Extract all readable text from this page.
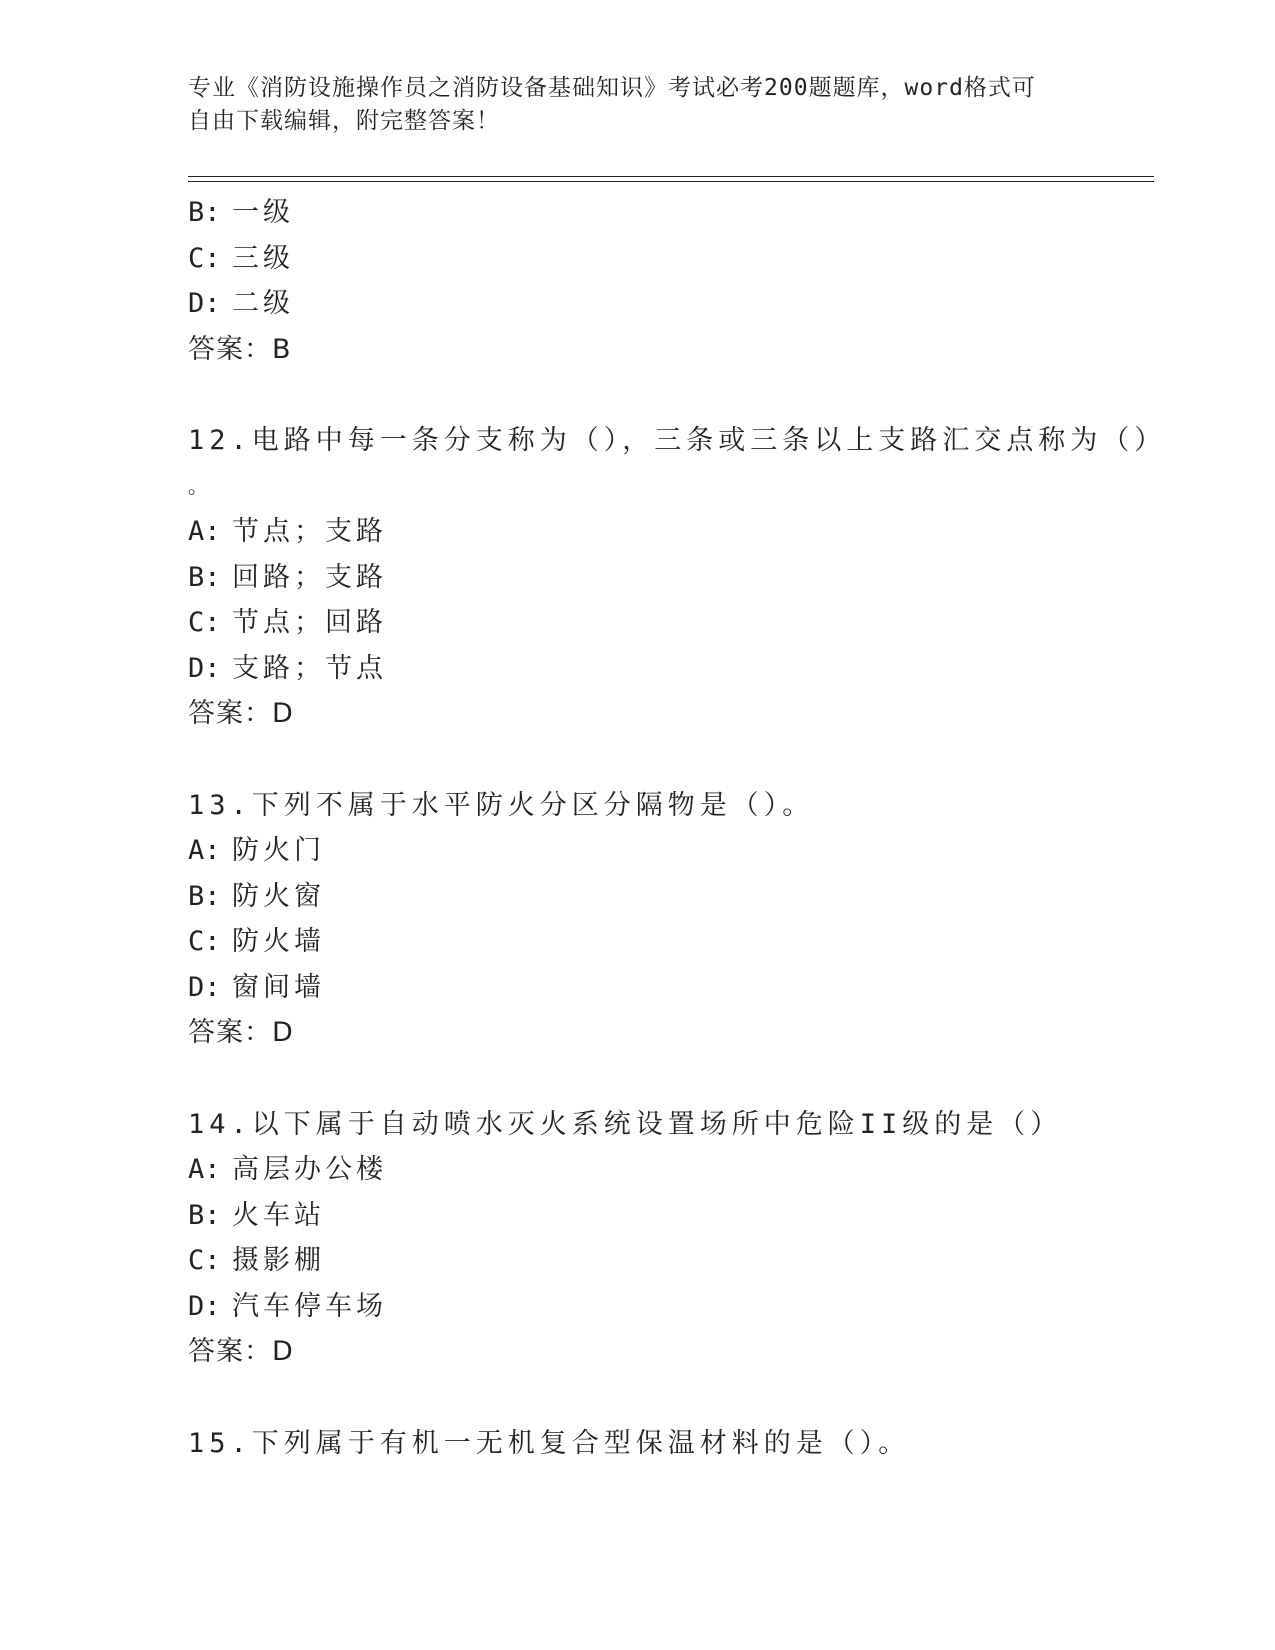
专业《消防设施操作员之消防设备基础知识》考试必考200题题库，word格式可
自由下载编辑，附完整答案！
B: 一级
C: 三级
D: 二级
答案：B
12.电路中每一条分支称为（），三条或三条以上支路汇交点称为（）
。
A: 节点；支路
B: 回路；支路
C: 节点；回路
D: 支路；节点
答案：D
13.下列不属于水平防火分区分隔物是（）。
A: 防火门
B: 防火窗
C: 防火墙
D: 窗间墙
答案：D
14.以下属于自动喷水灭火系统设置场所中危险II级的是（）
A: 高层办公楼
B: 火车站
C: 摄影棚
D: 汽车停车场
答案：D
15.下列属于有机一无机复合型保温材料的是（）。
